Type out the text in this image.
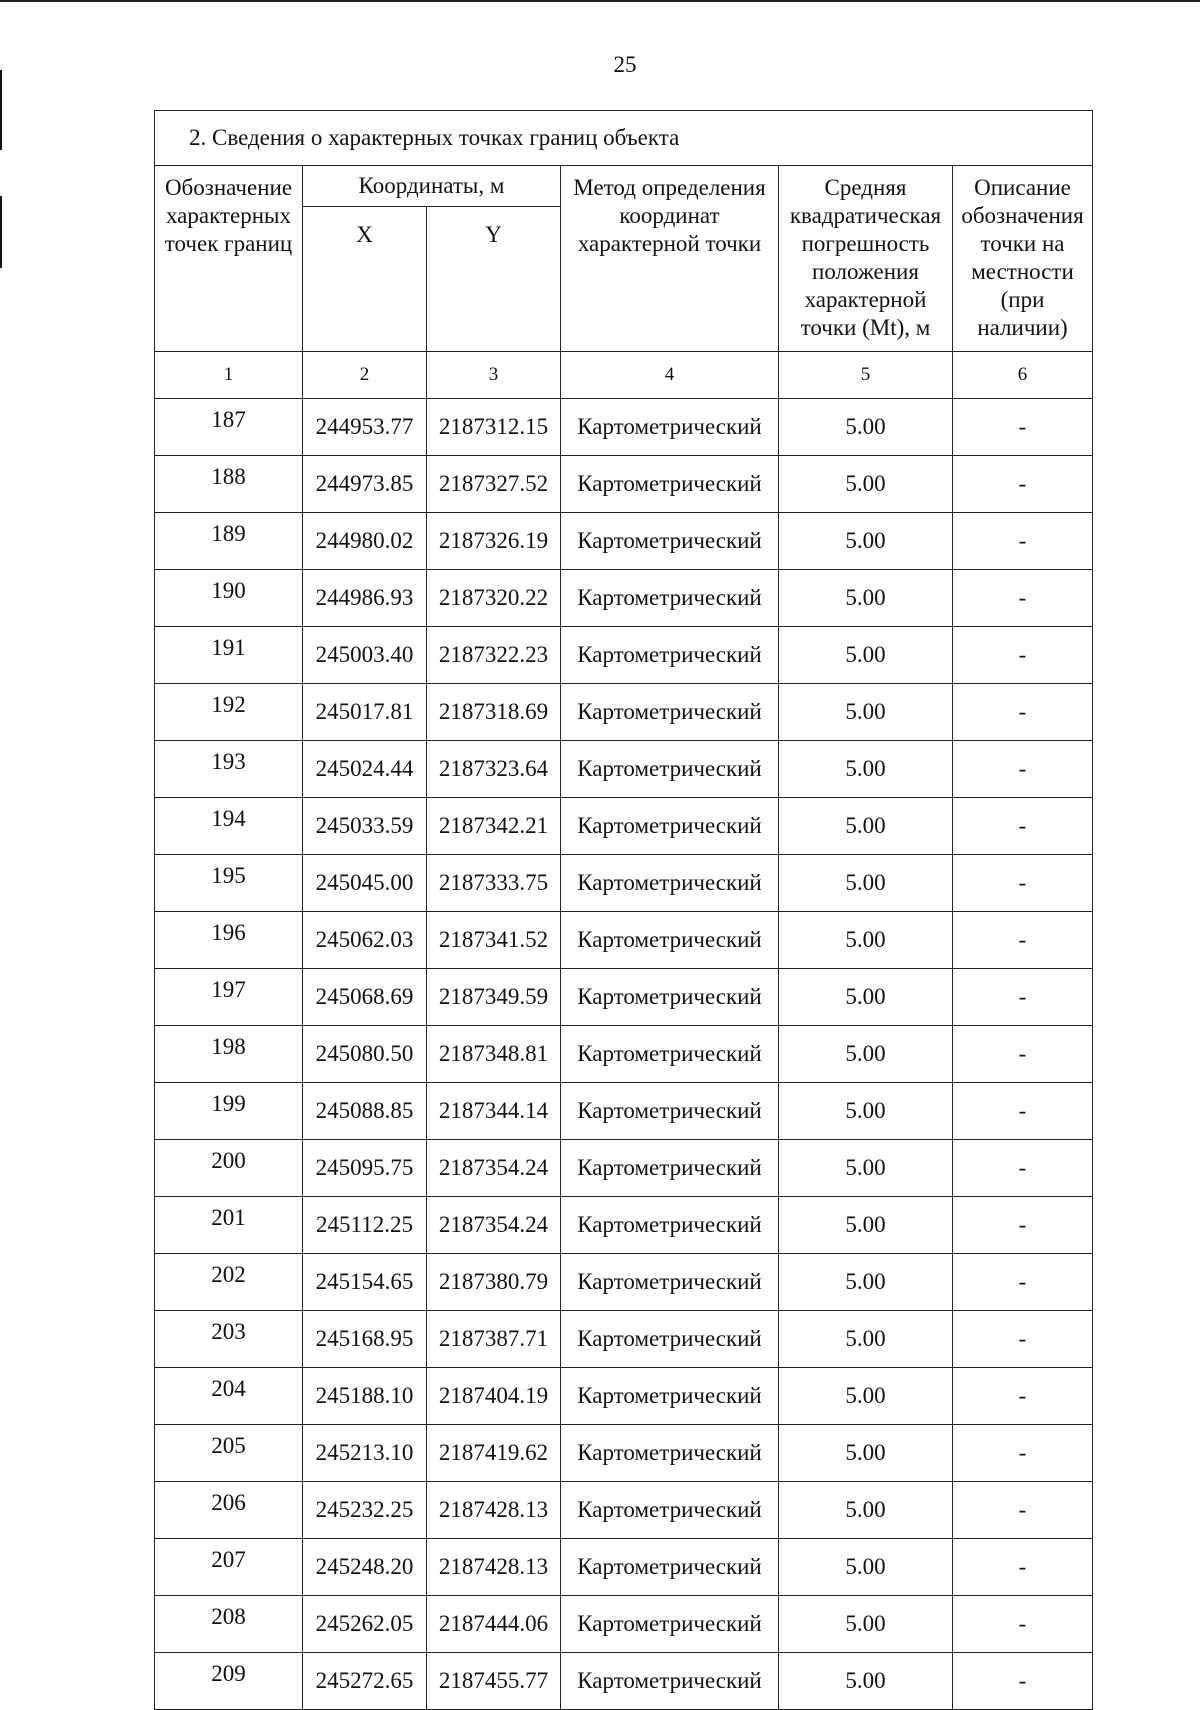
25
2. Сведения о характерных точках границ объекта					
Обозначение характерных точек границ	Координаты, м		Метод определения координат характерной точки	Средняя квадратическая погрешность положения характерной точки (Mt), м	Описание обозначения точки на местности (при наличии)
	X	Y			
1	2	3	4	5	6
187	244953.77	2187312.15	Картометрический	5.00	-
188	244973.85	2187327.52	Картометрический	5.00	-
189	244980.02	2187326.19	Картометрический	5.00	-
190	244986.93	2187320.22	Картометрический	5.00	-
191	245003.40	2187322.23	Картометрический	5.00	-
192	245017.81	2187318.69	Картометрический	5.00	-
193	245024.44	2187323.64	Картометрический	5.00	-
194	245033.59	2187342.21	Картометрический	5.00	-
195	245045.00	2187333.75	Картометрический	5.00	-
196	245062.03	2187341.52	Картометрический	5.00	-
197	245068.69	2187349.59	Картометрический	5.00	-
198	245080.50	2187348.81	Картометрический	5.00	-
199	245088.85	2187344.14	Картометрический	5.00	-
200	245095.75	2187354.24	Картометрический	5.00	-
201	245112.25	2187354.24	Картометрический	5.00	-
202	245154.65	2187380.79	Картометрический	5.00	-
203	245168.95	2187387.71	Картометрический	5.00	-
204	245188.10	2187404.19	Картометрический	5.00	-
205	245213.10	2187419.62	Картометрический	5.00	-
206	245232.25	2187428.13	Картометрический	5.00	-
207	245248.20	2187428.13	Картометрический	5.00	-
208	245262.05	2187444.06	Картометрический	5.00	-
209	245272.65	2187455.77	Картометрический	5.00	-
